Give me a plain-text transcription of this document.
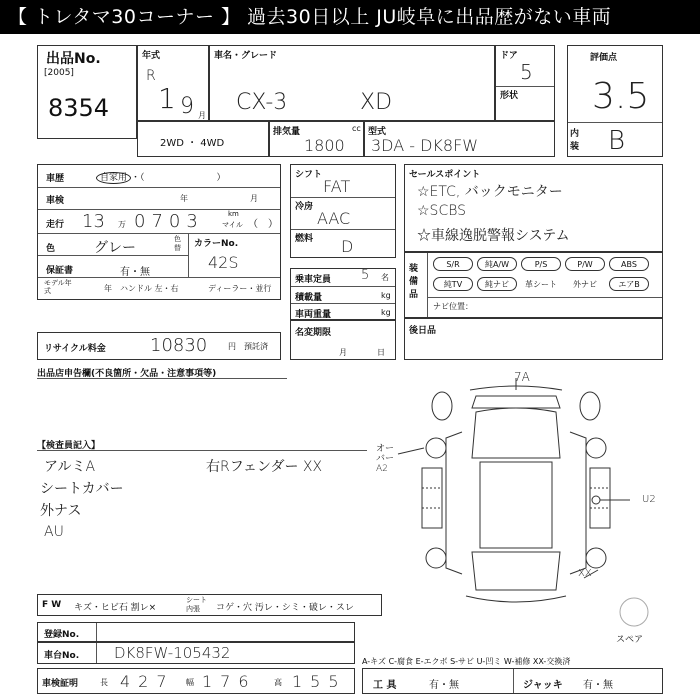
【 トレタマ30コーナー 】 過去30日以上 JU岐阜に出品歴がない車両
出品No.
[2005]
8354
年式
R
1 9 月
車名・グレード
CX-3	XD
ドア
5
形状
評価点
3.5
内装 B
2WD ・ 4WD
排気量	cc
1800
型式
3DA - DK8FW
車歴	自家用 ・（　　　　　　　　）
車検	年	月
走行 13 万 0703	km
マイル （　）
色	グレー
色替	カラーNo.
42S
保証書	有・無
モデル年式	年 ハンドル 左・右	ディーラー・並行
リサイクル料金 10830	円 預託済
シフト
FAT
冷房
AAC
燃料 D
乗車定員 5 名
積載量	kg
車両重量	kg
名変期限
月	日
セールスポイント
☆ETC, バックモニター
☆SCBS
☆車線逸脱警報システム
装備品
S/R	純A/W	P/S	P/W	ABS
純TV	純ナビ	革シート	外ナビ	エアB
ナビ位置：
後日品
出品店申告欄(不良箇所・欠品・注意事項等)
【検査員記入】
アルミA
シートカバー
外ナス
AU
右Rフェンダー XX
7A
オーバー A2
U2
XX
スペア
F W キズ・ヒビ石 割レ×
シート 内張	コゲ・穴 汚レ・シミ・破レ・スレ
登録No.
車台No. DK8FW-105432
車検証明	長 427 幅 176 高 155
A-キズ C-腐食 E-エクボ S-サビ U-凹ミ W-補修 XX-交換済
工 具	有・無	ジャッキ 有・無
